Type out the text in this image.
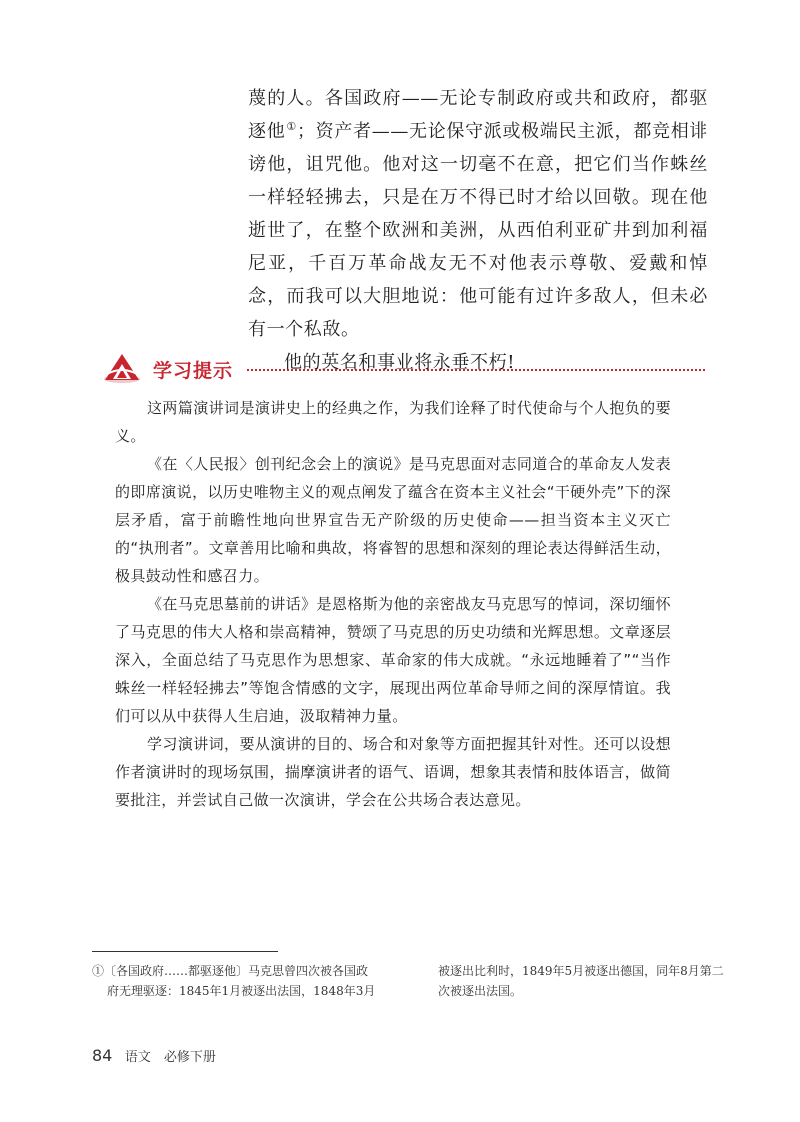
蔑的人。各国政府——无论专制政府或共和政府，都驱逐他①；资产者——无论保守派或极端民主派，都竞相诽谤他，诅咒他。他对这一切毫不在意，把它们当作蛛丝一样轻轻拂去，只是在万不得已时才给以回敬。现在他逝世了，在整个欧洲和美洲，从西伯利亚矿井到加利福尼亚，千百万革命战友无不对他表示尊敬、爱戴和悼念，而我可以大胆地说：他可能有过许多敌人，但未必有一个私敌。

他的英名和事业将永垂不朽!

学习提示

这两篇演讲词是演讲史上的经典之作，为我们诠释了时代使命与个人抱负的要义。

《在〈人民报〉创刊纪念会上的演说》是马克思面对志同道合的革命友人发表的即席演说，以历史唯物主义的观点阐发了蕴含在资本主义社会“干硬外壳”下的深层矛盾，富于前瞻性地向世界宣告无产阶级的历史使命——担当资本主义灭亡的“执刑者”。文章善用比喻和典故，将睿智的思想和深刻的理论表达得鲜活生动，极具鼓动性和感召力。

《在马克思墓前的讲话》是恩格斯为他的亲密战友马克思写的悼词，深切缅怀了马克思的伟大人格和崇高精神，赞颂了马克思的历史功绩和光辉思想。文章逐层深入，全面总结了马克思作为思想家、革命家的伟大成就。“永远地睡着了”“当作蛛丝一样轻轻拂去”等饱含情感的文字，展现出两位革命导师之间的深厚情谊。我们可以从中获得人生启迪，汲取精神力量。

学习演讲词，要从演讲的目的、场合和对象等方面把握其针对性。还可以设想作者演讲时的现场氛围，揣摩演讲者的语气、语调，想象其表情和肢体语言，做简要批注，并尝试自己做一次演讲，学会在公共场合表达意见。

①〔各国政府……都驱逐他〕马克思曾四次被各国政
府无理驱逐：1845年1月被逐出法国，1848年3月
被逐出比利时，1849年5月被逐出德国，同年8月第二次被逐出法国。
84 语文　必修下册
